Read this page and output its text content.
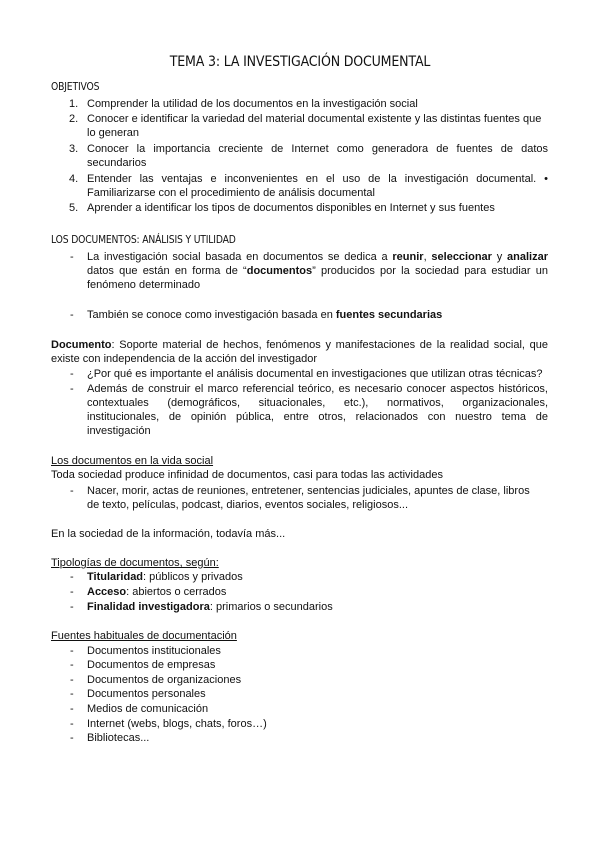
TEMA 3: LA INVESTIGACIÓN DOCUMENTAL
OBJETIVOS
1. Comprender la utilidad de los documentos en la investigación social
2. Conocer e identificar la variedad del material documental existente y las distintas fuentes que
lo generan
3. Conocer la importancia creciente de Internet como generadora de fuentes de datos
secundarios
4. Entender las ventajas e inconvenientes en el uso de la investigación documental. •
Familiarizarse con el procedimiento de análisis documental
5. Aprender a identificar los tipos de documentos disponibles en Internet y sus fuentes
LOS DOCUMENTOS: ANÁLISIS Y UTILIDAD
- La investigación social basada en documentos se dedica a reunir, seleccionar y analizar
datos que están en forma de “documentos” producidos por la sociedad para estudiar un
fenómeno determinado
- También se conoce como investigación basada en fuentes secundarias
Documento: Soporte material de hechos, fenómenos y manifestaciones de la realidad social, que
existe con independencia de la acción del investigador
- ¿Por qué es importante el análisis documental en investigaciones que utilizan otras técnicas?
- Además de construir el marco referencial teórico, es necesario conocer aspectos históricos,
contextuales (demográficos, situacionales, etc.), normativos, organizacionales,
institucionales, de opinión pública, entre otros, relacionados con nuestro tema de
investigación
Los documentos en la vida social
Toda sociedad produce infinidad de documentos, casi para todas las actividades
- Nacer, morir, actas de reuniones, entretener, sentencias judiciales, apuntes de clase, libros
de texto, películas, podcast, diarios, eventos sociales, religiosos...
En la sociedad de la información, todavía más...
Tipologías de documentos, según:
- Titularidad: públicos y privados
- Acceso: abiertos o cerrados
- Finalidad investigadora: primarios o secundarios
Fuentes habituales de documentación
- Documentos institucionales
- Documentos de empresas
- Documentos de organizaciones
- Documentos personales
- Medios de comunicación
- Internet (webs, blogs, chats, foros…)
- Bibliotecas...
